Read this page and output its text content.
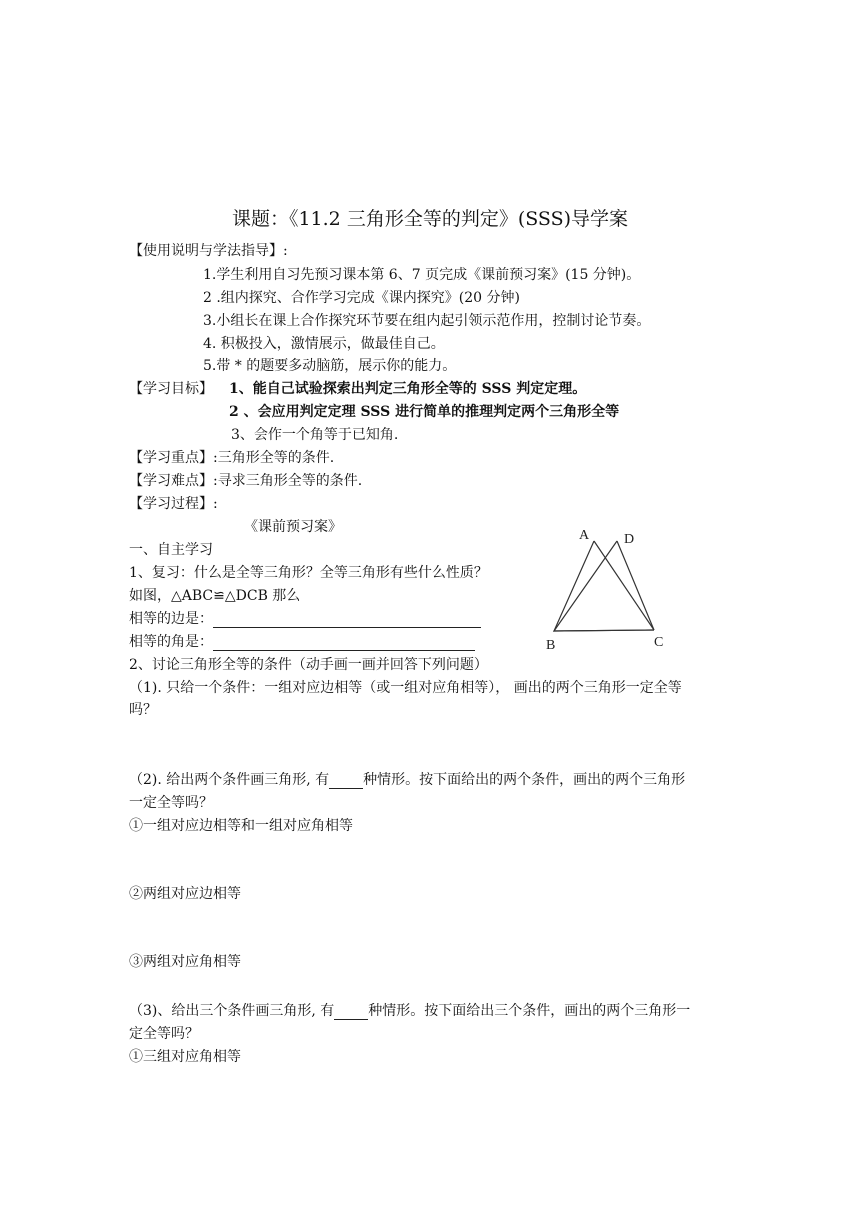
课题：《11.2 三角形全等的判定》(SSS)导学案
【使用说明与学法指导】:
1.学生利用自习先预习课本第 6、7 页完成《课前预习案》(15 分钟)。
2 .组内探究、合作学习完成《课内探究》(20 分钟)
3.小组长在课上合作探究环节要在组内起引领示范作用，控制讨论节奏。
4. 积极投入，激情展示，做最佳自己。
5.带 * 的题要多动脑筋，展示你的能力。
【学习目标】 1、能自己试验探索出判定三角形全等的 SSS 判定定理。
2 、会应用判定定理 SSS 进行简单的推理判定两个三角形全等
3、会作一个角等于已知角.
【学习重点】:三角形全等的条件.
【学习难点】:寻求三角形全等的条件.
【学习过程】:
《课前预习案》
一、自主学习
1、复习：什么是全等三角形？全等三角形有些什么性质？
如图，△ABC≌△DCB 那么
相等的边是：
相等的角是：
2、讨论三角形全等的条件（动手画一画并回答下列问题）
（1). 只给一个条件：一组对应边相等（或一组对应角相等）， 画出的两个三角形一定全等
吗？
（2). 给出两个条件画三角形, 有 种情形。按下面给出的两个条件，画出的两个三角形
一定全等吗？
①一组对应边相等和一组对应角相等
②两组对应边相等
③两组对应角相等
（3)、给出三个条件画三角形, 有 种情形。按下面给出三个条件，画出的两个三角形一
定全等吗？
①三组对应角相等
A D
B	C
